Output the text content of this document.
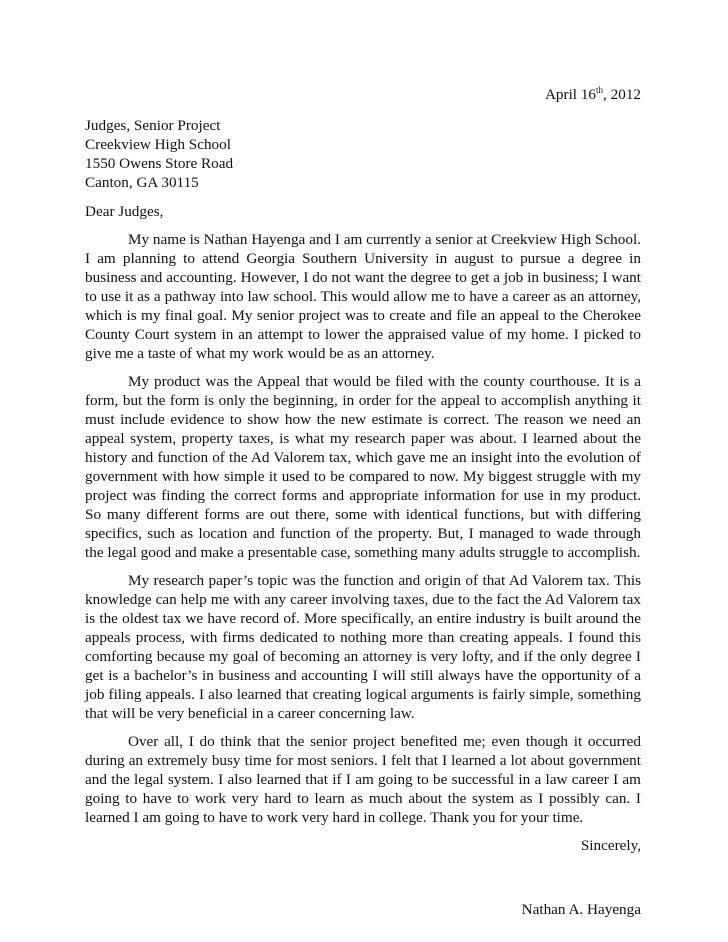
April 16th, 2012
Judges, Senior Project
Creekview High School
1550 Owens Store Road
Canton, GA 30115
Dear Judges,

My name is Nathan Hayenga and I am currently a senior at Creekview High School. I am planning to attend Georgia Southern University in august to pursue a degree in business and accounting. However, I do not want the degree to get a job in business; I want to use it as a pathway into law school. This would allow me to have a career as an attorney, which is my final goal. My senior project was to create and file an appeal to the Cherokee County Court system in an attempt to lower the appraised value of my home. I picked to give me a taste of what my work would be as an attorney.

My product was the Appeal that would be filed with the county courthouse. It is a form, but the form is only the beginning, in order for the appeal to accomplish anything it must include evidence to show how the new estimate is correct. The reason we need an appeal system, property taxes, is what my research paper was about. I learned about the history and function of the Ad Valorem tax, which gave me an insight into the evolution of government with how simple it used to be compared to now. My biggest struggle with my project was finding the correct forms and appropriate information for use in my product. So many different forms are out there, some with identical functions, but with differing specifics, such as location and function of the property. But, I managed to wade through the legal good and make a presentable case, something many adults struggle to accomplish.

My research paper’s topic was the function and origin of that Ad Valorem tax. This knowledge can help me with any career involving taxes, due to the fact the Ad Valorem tax is the oldest tax we have record of. More specifically, an entire industry is built around the appeals process, with firms dedicated to nothing more than creating appeals. I found this comforting because my goal of becoming an attorney is very lofty, and if the only degree I get is a bachelor’s in business and accounting I will still always have the opportunity of a job filing appeals. I also learned that creating logical arguments is fairly simple, something that will be very beneficial in a career concerning law.

Over all, I do think that the senior project benefited me; even though it occurred during an extremely busy time for most seniors. I felt that I learned a lot about government and the legal system. I also learned that if I am going to be successful in a law career I am going to have to work very hard to learn as much about the system as I possibly can. I learned I am going to have to work very hard in college. Thank you for your time.

Sincerely,
Nathan A. Hayenga
